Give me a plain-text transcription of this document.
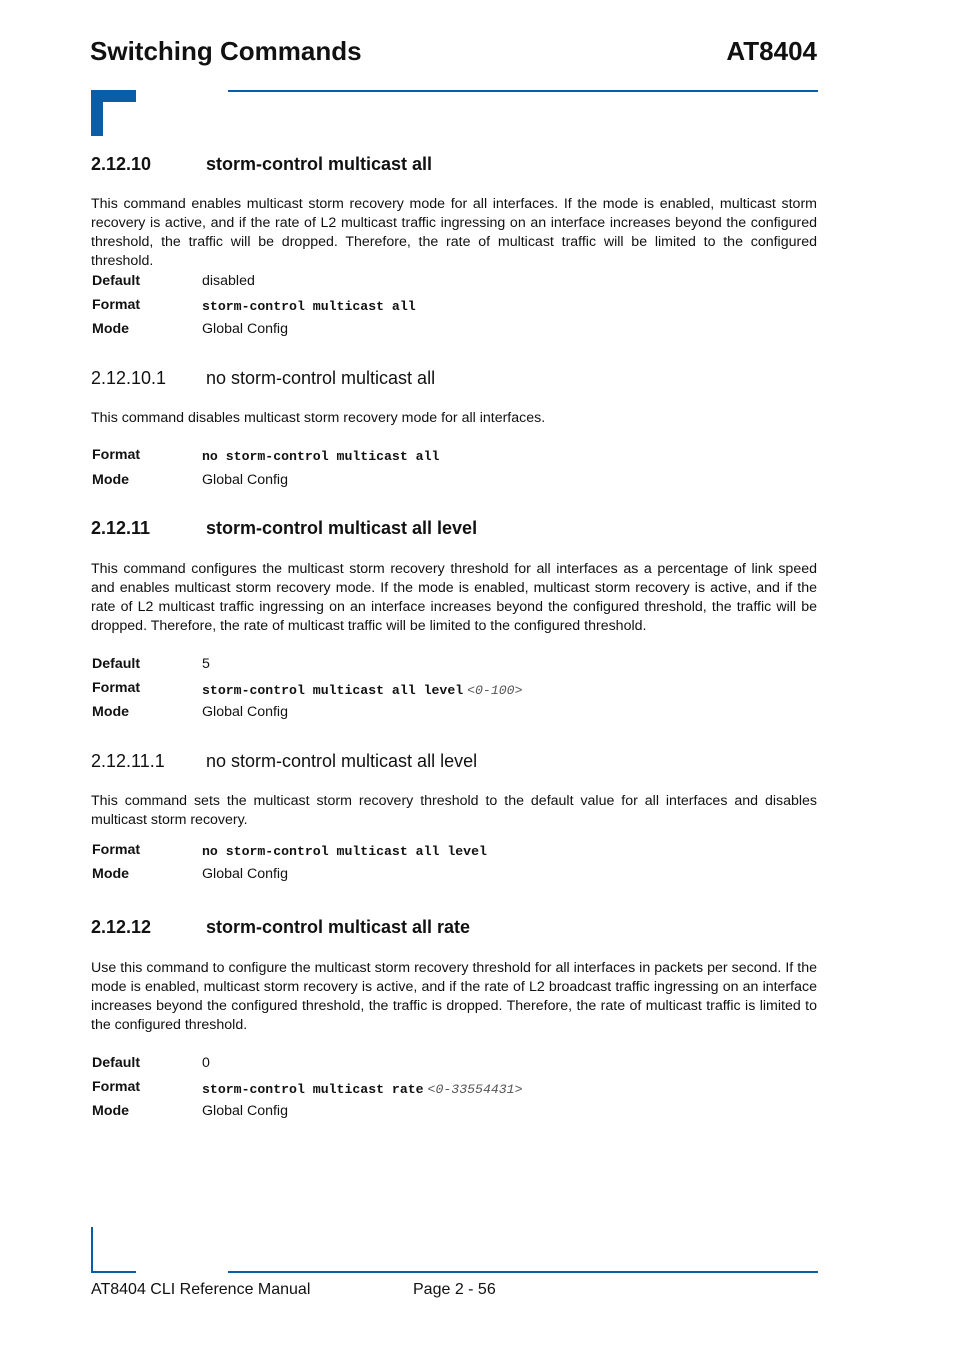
Switching Commands	AT8404
2.12.10	storm-control multicast all

This command enables multicast storm recovery mode for all interfaces. If the mode is enabled, multicast storm recovery is active, and if the rate of L2 multicast traffic ingressing on an interface increases beyond the configured threshold, the traffic will be dropped. Therefore, the rate of multicast traffic will be limited to the configured threshold.

Default	disabled
Format	storm-control multicast all
Mode	Global Config
2.12.10.1 no storm-control multicast all

This command disables multicast storm recovery mode for all interfaces.

Format	no storm-control multicast all
Mode	Global Config
2.12.11	storm-control multicast all level

This command configures the multicast storm recovery threshold for all interfaces as a percentage of link speed and enables multicast storm recovery mode. If the mode is enabled, multicast storm recovery is active, and if the rate of L2 multicast traffic ingressing on an interface increases beyond the configured threshold, the traffic will be dropped. Therefore, the rate of multicast traffic will be limited to the configured threshold.

Default	5
Format	storm-control multicast all level <0-100>
Mode	Global Config
2.12.11.1 no storm-control multicast all level

This command sets the multicast storm recovery threshold to the default value for all interfaces and disables multicast storm recovery.

Format	no storm-control multicast all level
Mode	Global Config
2.12.12	storm-control multicast all rate

Use this command to configure the multicast storm recovery threshold for all interfaces in packets per second. If the mode is enabled, multicast storm recovery is active, and if the rate of L2 broadcast traffic ingressing on an interface increases beyond the configured threshold, the traffic is dropped. Therefore, the rate of multicast traffic is limited to the configured threshold.

Default	0
Format	storm-control multicast rate <0-33554431>
Mode	Global Config
AT8404 CLI Reference Manual	Page 2 - 56
